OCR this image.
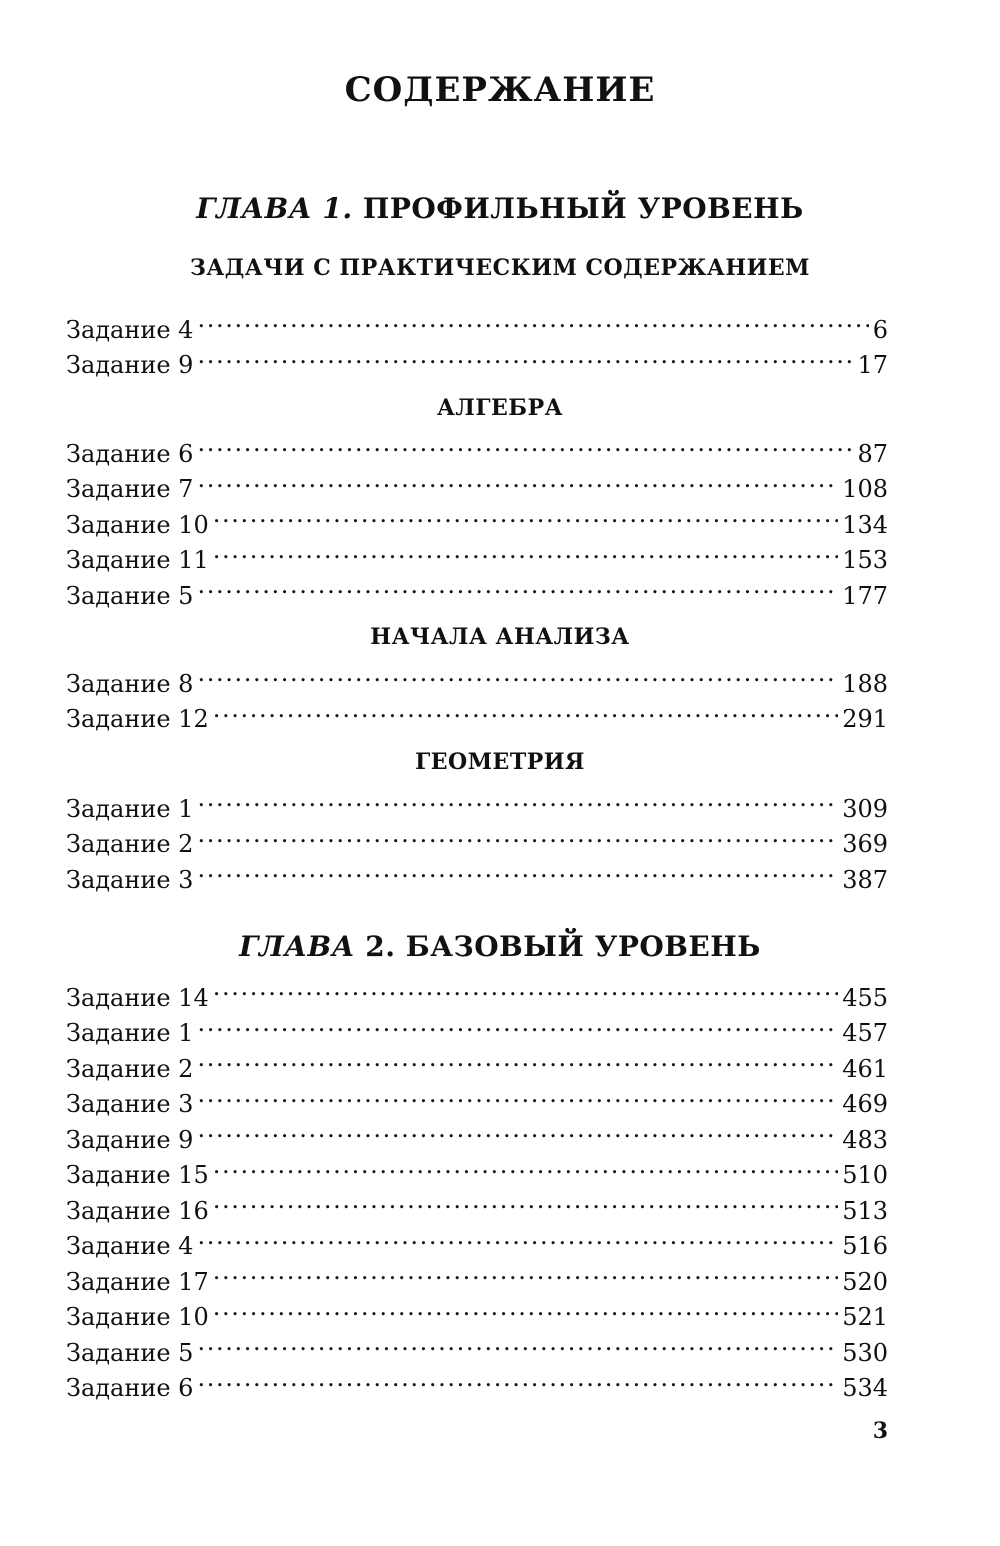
СОДЕРЖАНИЕ
ГЛАВА 1. ПРОФИЛЬНЫЙ УРОВЕНЬ
ЗАДАЧИ С ПРАКТИЧЕСКИМ СОДЕРЖАНИЕМ
Задание 4 . . .	6
Задание 9 . . .	17
АЛГЕБРА
Задание 6 . . .	87
Задание 7 . . .	108
Задание 10 . . .	134
Задание 11 . . .	153
Задание 5 . . .	177
НАЧАЛА АНАЛИЗА
Задание 8 . . .	188
Задание 12 . . .	291
ГЕОМЕТРИЯ
Задание 1 . . .	309
Задание 2 . . .	369
Задание 3 . . .	387
ГЛАВА 2. БАЗОВЫЙ УРОВЕНЬ
Задание 14 . . .	455
Задание 1 . . .	457
Задание 2 . . .	461
Задание 3 . . .	469
Задание 9 . . .	483
Задание 15 . . .	510
Задание 16 . . .	513
Задание 4 . . .	516
Задание 17 . . .	520
Задание 10 . . .	521
Задание 5 . . .	530
Задание 6 . . .	534
3
